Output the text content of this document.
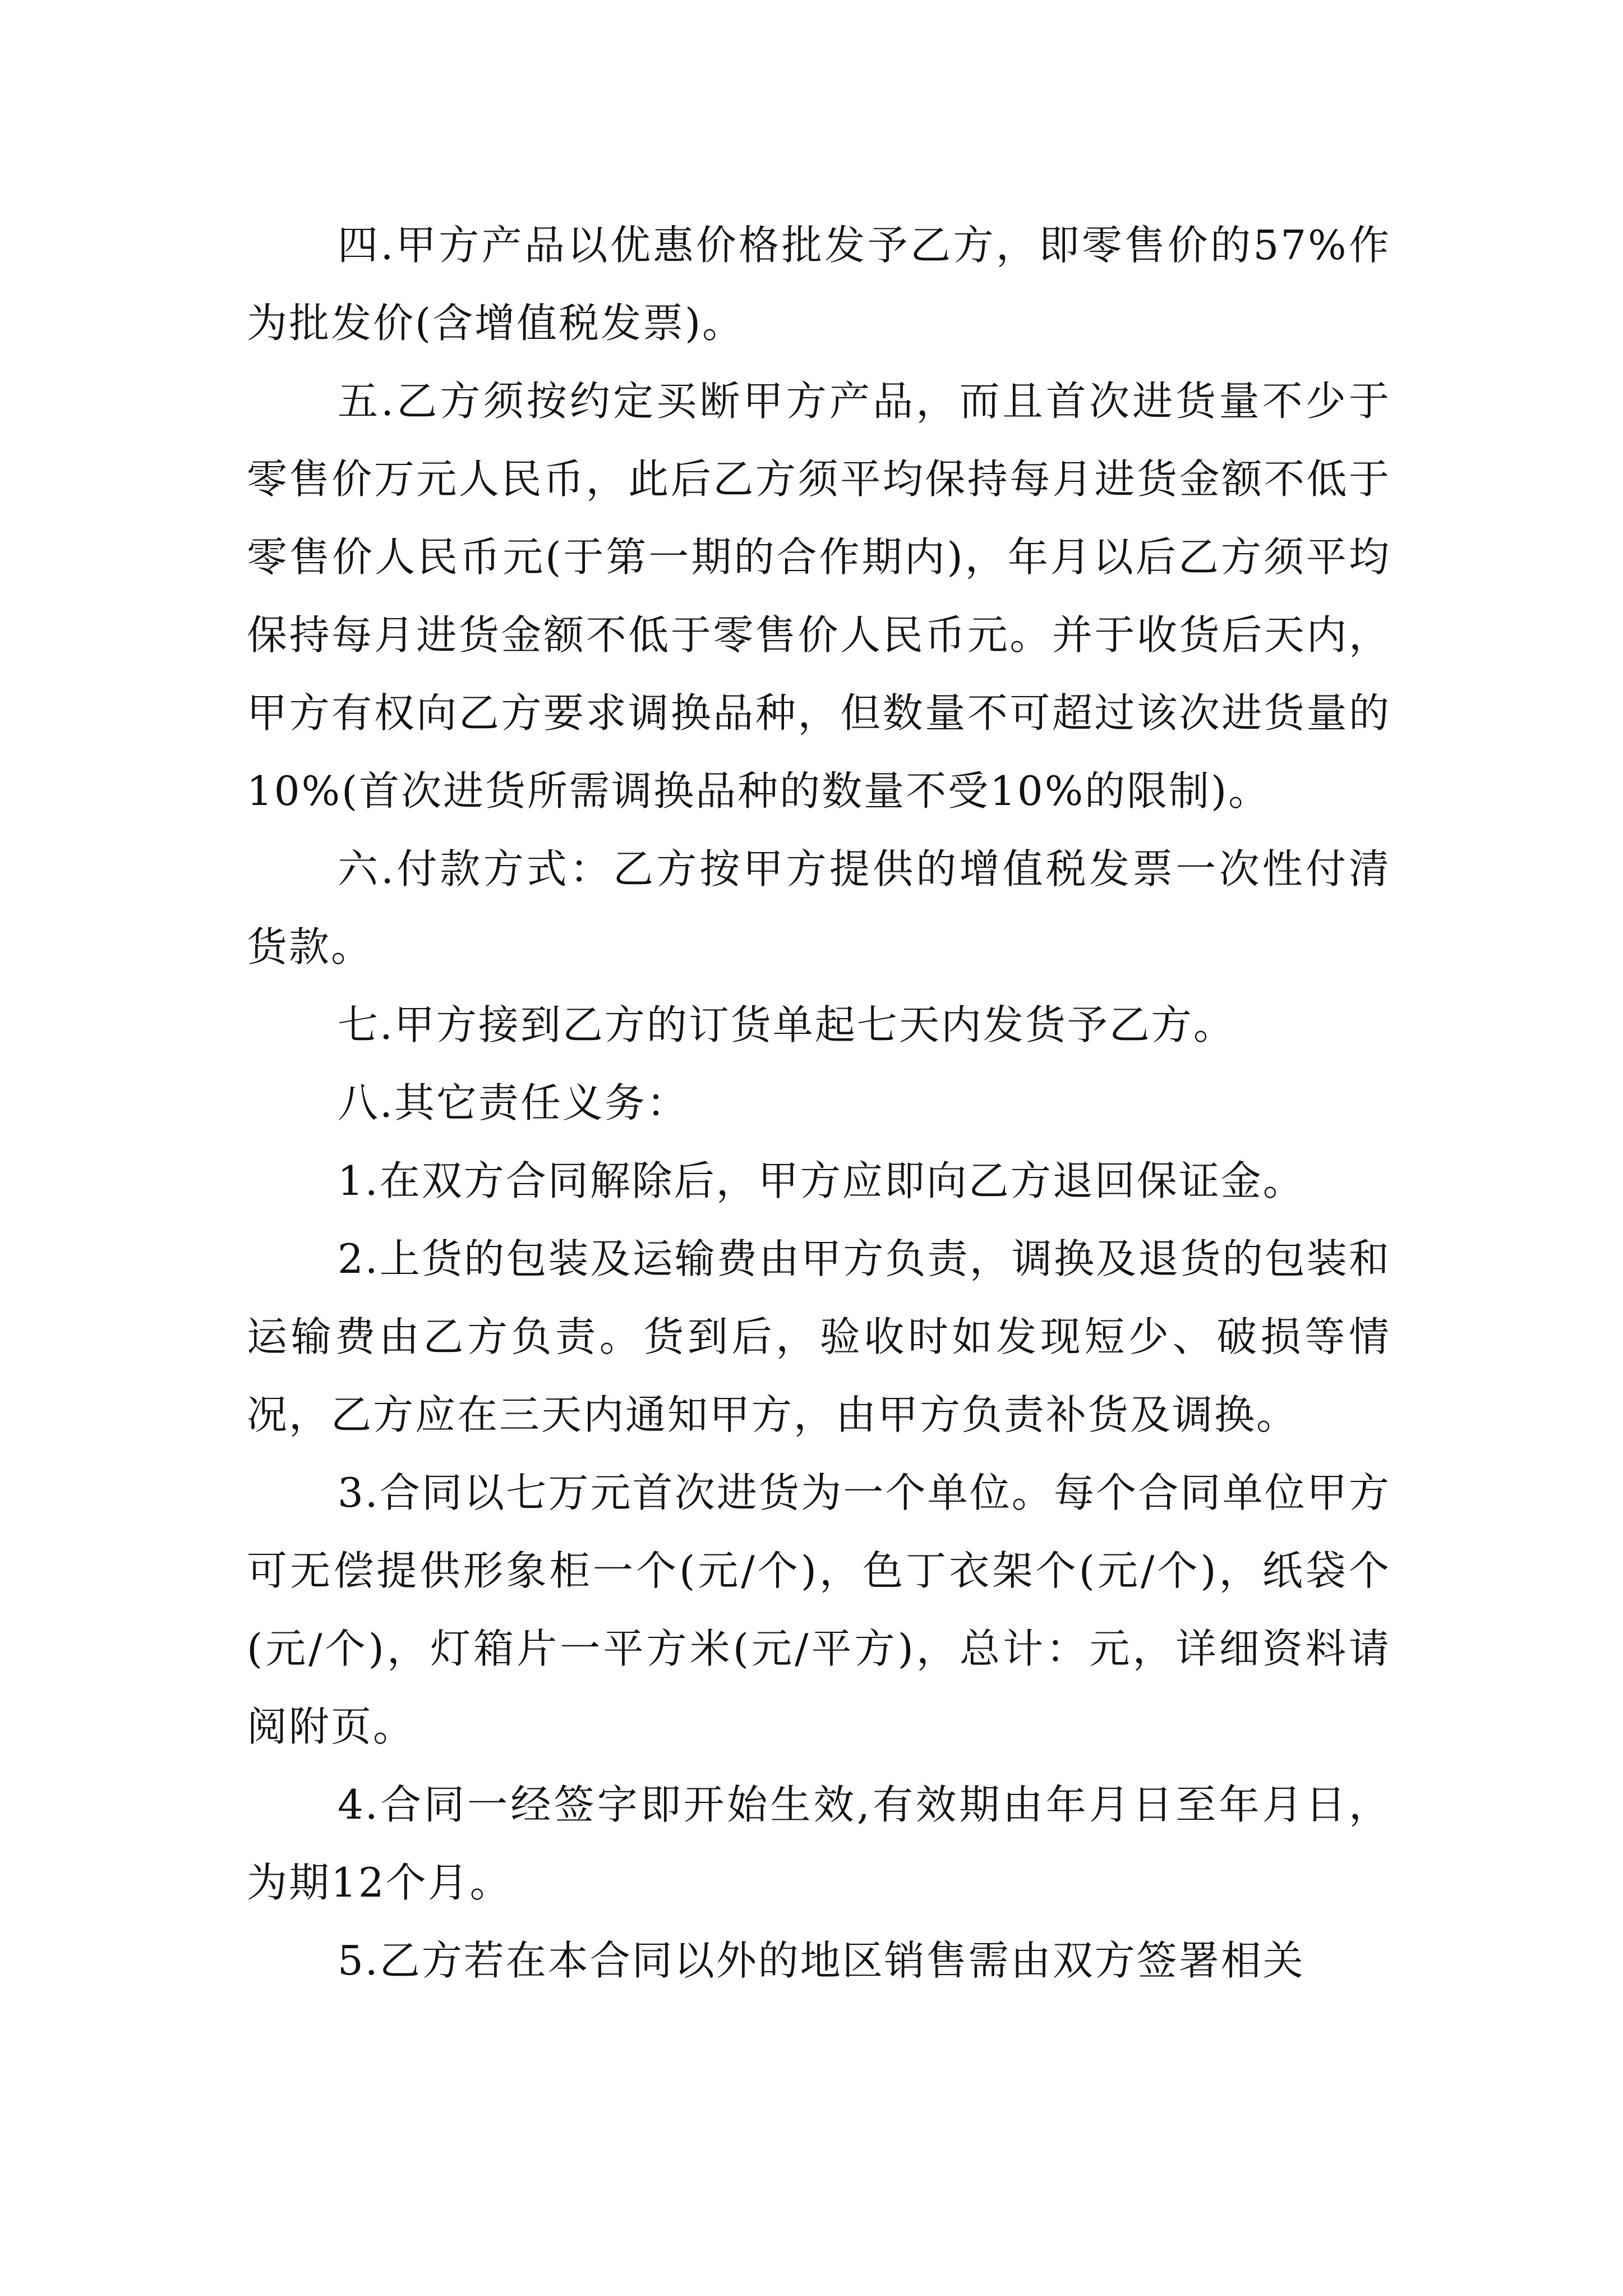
四.甲方产品以优惠价格批发予乙方，即零售价的57%作为批发价(含增值税发票)。

五.乙方须按约定买断甲方产品，而且首次进货量不少于零售价万元人民币，此后乙方须平均保持每月进货金额不低于零售价人民币元(于第一期的合作期内)，年月以后乙方须平均保持每月进货金额不低于零售价人民币元。并于收货后天内，甲方有权向乙方要求调换品种，但数量不可超过该次进货量的10%(首次进货所需调换品种的数量不受10%的限制)。

六.付款方式：乙方按甲方提供的增值税发票一次性付清货款。

七.甲方接到乙方的订货单起七天内发货予乙方。

八.其它责任义务：

1.在双方合同解除后，甲方应即向乙方退回保证金。

2.上货的包装及运输费由甲方负责，调换及退货的包装和运输费由乙方负责。货到后，验收时如发现短少、破损等情况，乙方应在三天内通知甲方，由甲方负责补货及调换。

3.合同以七万元首次进货为一个单位。每个合同单位甲方可无偿提供形象柜一个(元/个)，色丁衣架个(元/个)，纸袋个(元/个)，灯箱片一平方米(元/平方)，总计：元，详细资料请阅附页。

4.合同一经签字即开始生效,有效期由年月日至年月日，为期12个月。

5.乙方若在本合同以外的地区销售需由双方签署相关
